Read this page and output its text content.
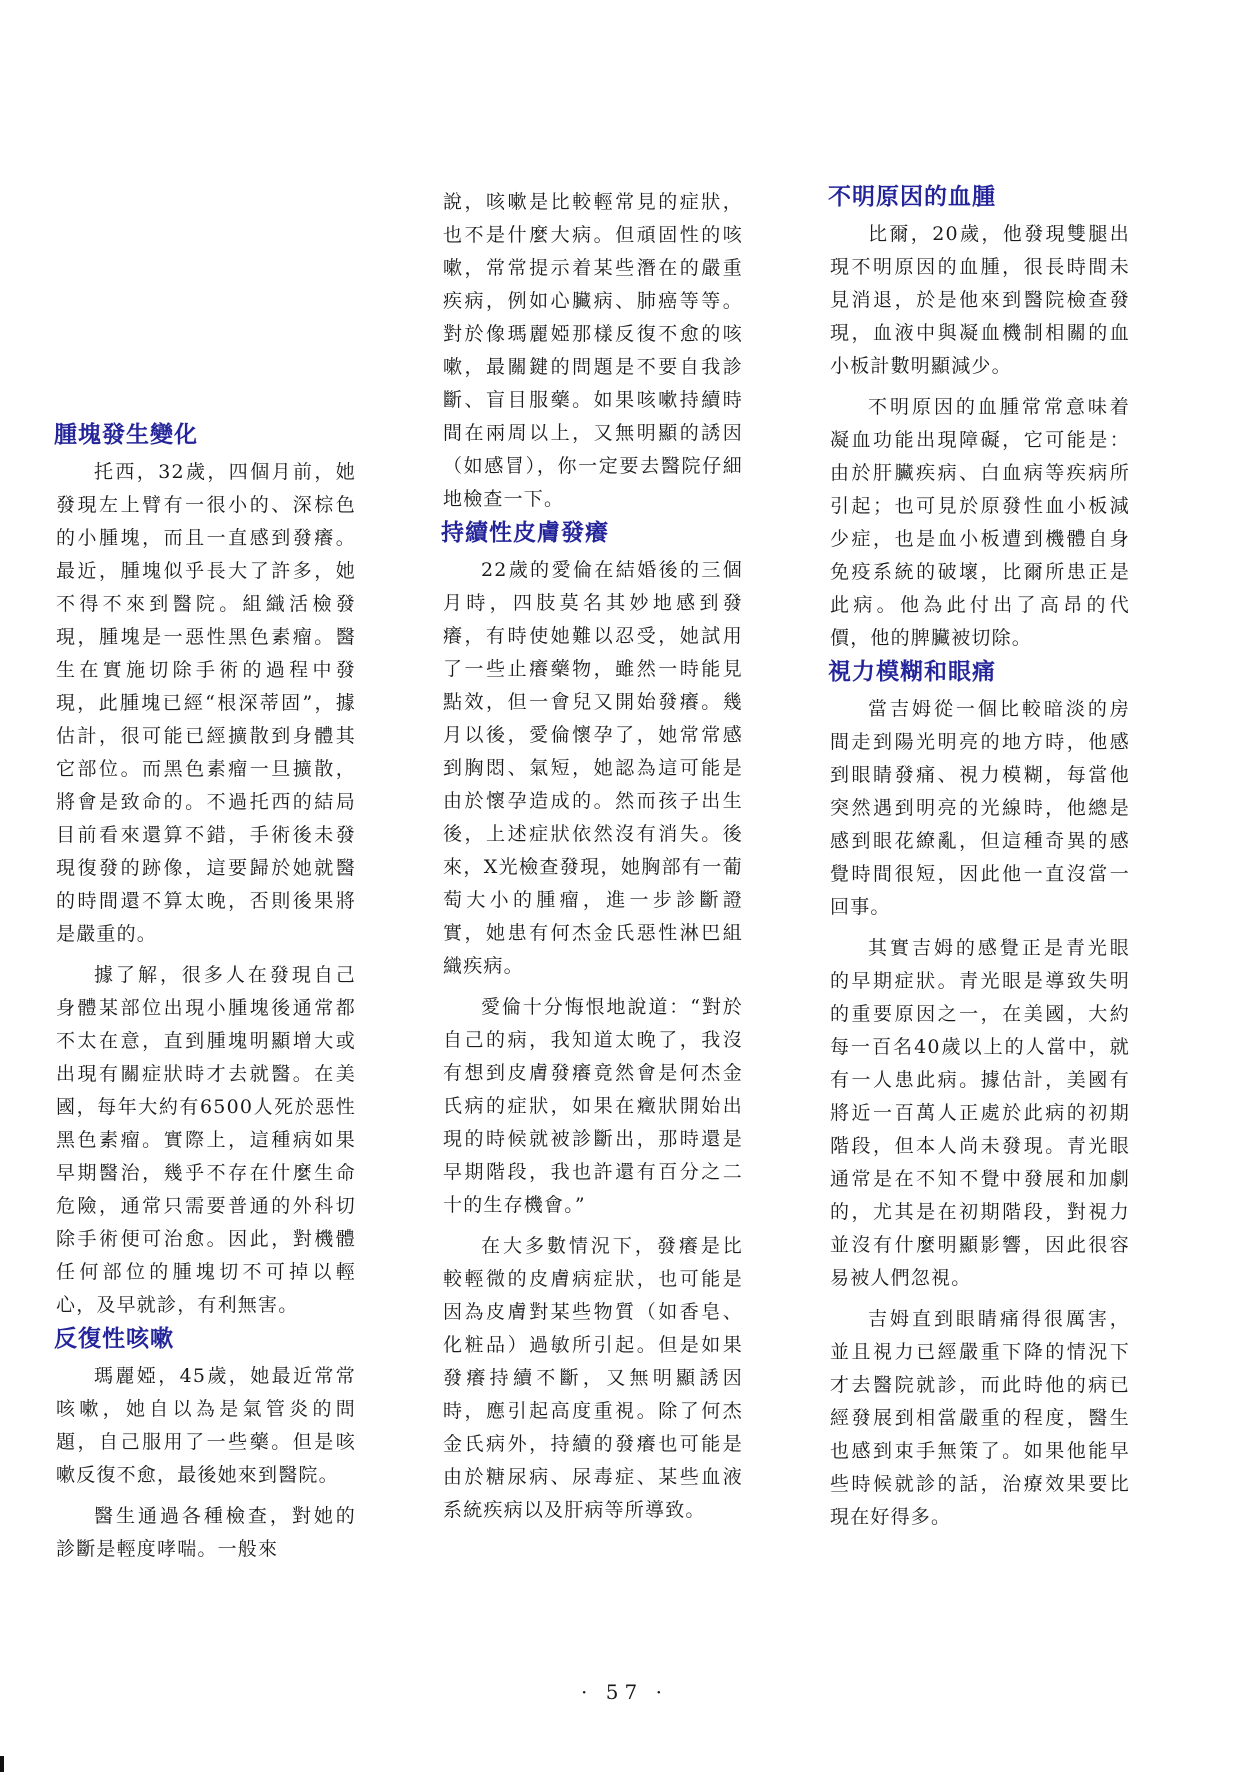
腫塊發生變化

托西，32歲，四個月前，她發現左上臂有一很小的、深棕色的小腫塊，而且一直感到發癢。最近，腫塊似乎長大了許多，她不得不來到醫院。組織活檢發現，腫塊是一惡性黑色素瘤。醫生在實施切除手術的過程中發現，此腫塊已經“根深蒂固”，據估計，很可能已經擴散到身體其它部位。而黑色素瘤一旦擴散，將會是致命的。不過托西的結局目前看來還算不錯，手術後未發現復發的跡像，這要歸於她就醫的時間還不算太晚，否則後果將是嚴重的。

據了解，很多人在發現自己身體某部位出現小腫塊後通常都不太在意，直到腫塊明顯增大或出現有關症狀時才去就醫。在美國，每年大約有6500人死於惡性黑色素瘤。實際上，這種病如果早期醫治，幾乎不存在什麼生命危險，通常只需要普通的外科切除手術便可治愈。因此，對機體任何部位的腫塊切不可掉以輕心，及早就診，有利無害。

反復性咳嗽

瑪麗婭，45歲，她最近常常咳嗽，她自以為是氣管炎的問題，自己服用了一些藥。但是咳嗽反復不愈，最後她來到醫院。

醫生通過各種檢查，對她的診斷是輕度哮喘。一般來

說，咳嗽是比較輕常見的症狀，也不是什麼大病。但頑固性的咳嗽，常常提示着某些潛在的嚴重疾病，例如心臟病、肺癌等等。對於像瑪麗婭那樣反復不愈的咳嗽，最關鍵的問題是不要自我診斷、盲目服藥。如果咳嗽持續時間在兩周以上，又無明顯的誘因（如感冒），你一定要去醫院仔細地檢查一下。

持續性皮膚發癢

22歲的愛倫在結婚後的三個月時，四肢莫名其妙地感到發癢，有時使她難以忍受，她試用了一些止癢藥物，雖然一時能見點效，但一會兒又開始發癢。幾月以後，愛倫懷孕了，她常常感到胸悶、氣短，她認為這可能是由於懷孕造成的。然而孩子出生後，上述症狀依然沒有消失。後來，X光檢查發現，她胸部有一葡萄大小的腫瘤，進一步診斷證實，她患有何杰金氏惡性淋巴組織疾病。

愛倫十分悔恨地說道：“對於自己的病，我知道太晚了，我沒有想到皮膚發癢竟然會是何杰金氏病的症狀，如果在癥狀開始出現的時候就被診斷出，那時還是早期階段，我也許還有百分之二十的生存機會。”

在大多數情況下，發癢是比較輕微的皮膚病症狀，也可能是因為皮膚對某些物質（如香皂、化粧品）過敏所引起。但是如果發癢持續不斷，又無明顯誘因時，應引起高度重視。除了何杰金氏病外，持續的發癢也可能是由於糖尿病、尿毒症、某些血液系統疾病以及肝病等所導致。

不明原因的血腫

比爾，20歲，他發現雙腿出現不明原因的血腫，很長時間未見消退，於是他來到醫院檢查發現，血液中與凝血機制相關的血小板計數明顯減少。

不明原因的血腫常常意味着凝血功能出現障礙，它可能是：由於肝臟疾病、白血病等疾病所引起；也可見於原發性血小板減少症，也是血小板遭到機體自身免疫系統的破壞，比爾所患正是此病。他為此付出了高昂的代價，他的脾臟被切除。

視力模糊和眼痛

當吉姆從一個比較暗淡的房間走到陽光明亮的地方時，他感到眼睛發痛、視力模糊，每當他突然遇到明亮的光線時，他總是感到眼花繚亂，但這種奇異的感覺時間很短，因此他一直沒當一回事。

其實吉姆的感覺正是青光眼的早期症狀。青光眼是導致失明的重要原因之一，在美國，大約每一百名40歲以上的人當中，就有一人患此病。據估計，美國有將近一百萬人正處於此病的初期階段，但本人尚未發現。青光眼通常是在不知不覺中發展和加劇的，尤其是在初期階段，對視力並沒有什麼明顯影響，因此很容易被人們忽視。

吉姆直到眼睛痛得很厲害，並且視力已經嚴重下降的情況下才去醫院就診，而此時他的病已經發展到相當嚴重的程度，醫生也感到束手無策了。如果他能早些時候就診的話，治療效果要比現在好得多。

· 57 ·
